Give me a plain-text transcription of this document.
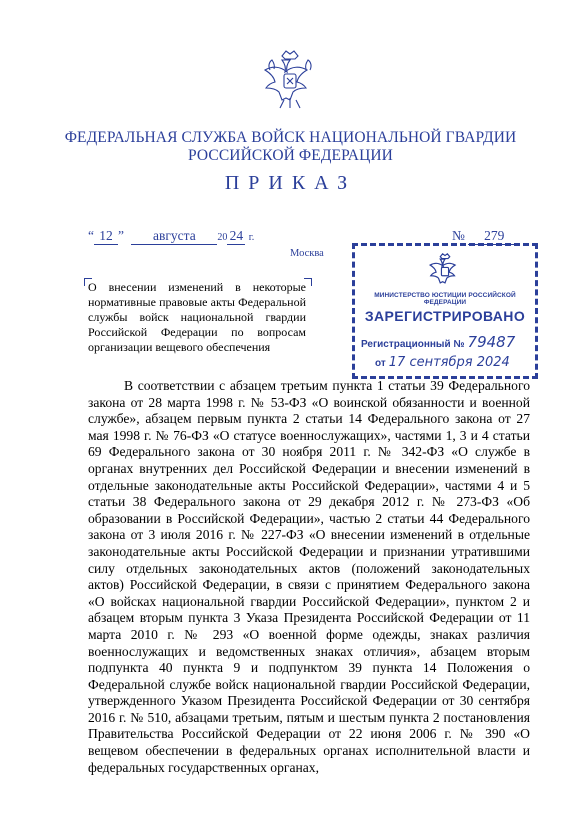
ФЕДЕРАЛЬНАЯ СЛУЖБА ВОЙСК НАЦИОНАЛЬНОЙ ГВАРДИИ
РОССИЙСКОЙ ФЕДЕРАЦИИ
ПРИКАЗ
“ 12 ” августа 20 24 г.	№ 279
Москва

О внесении изменений в некоторые нормативные правовые акты Федеральной службы войск национальной гвардии Российской Федерации по вопросам организации вещевого обеспечения

МИНИСТЕРСТВО ЮСТИЦИИ РОССИЙСКОЙ ФЕДЕРАЦИИ
ЗАРЕГИСТРИРОВАНО
Регистрационный № 79487
от 17 сентября 2024

В соответствии с абзацем третьим пункта 1 статьи 39 Федерального закона от 28 марта 1998 г. № 53-ФЗ «О воинской обязанности и военной службе», абзацем первым пункта 2 статьи 14 Федерального закона от 27 мая 1998 г. № 76-ФЗ «О статусе военнослужащих», частями 1, 3 и 4 статьи 69 Федерального закона от 30 ноября 2011 г. № 342-ФЗ «О службе в органах внутренних дел Российской Федерации и внесении изменений в отдельные законодательные акты Российской Федерации», частями 4 и 5 статьи 38 Федерального закона от 29 декабря 2012 г. № 273-ФЗ «Об образовании в Российской Федерации», частью 2 статьи 44 Федерального закона от 3 июля 2016 г. № 227-ФЗ «О внесении изменений в отдельные законодательные акты Российской Федерации и признании утратившими силу отдельных законодательных актов (положений законодательных актов) Российской Федерации, в связи с принятием Федерального закона «О войсках национальной гвардии Российской Федерации», пунктом 2 и абзацем вторым пункта 3 Указа Президента Российской Федерации от 11 марта 2010 г. № 293 «О военной форме одежды, знаках различия военнослужащих и ведомственных знаках отличия», абзацем вторым подпункта 40 пункта 9 и подпунктом 39 пункта 14 Положения о Федеральной службе войск национальной гвардии Российской Федерации, утвержденного Указом Президента Российской Федерации от 30 сентября 2016 г. № 510, абзацами третьим, пятым и шестым пункта 2 постановления Правительства Российской Федерации от 22 июня 2006 г. № 390 «О вещевом обеспечении в федеральных органах исполнительной власти и федеральных государственных органах,
